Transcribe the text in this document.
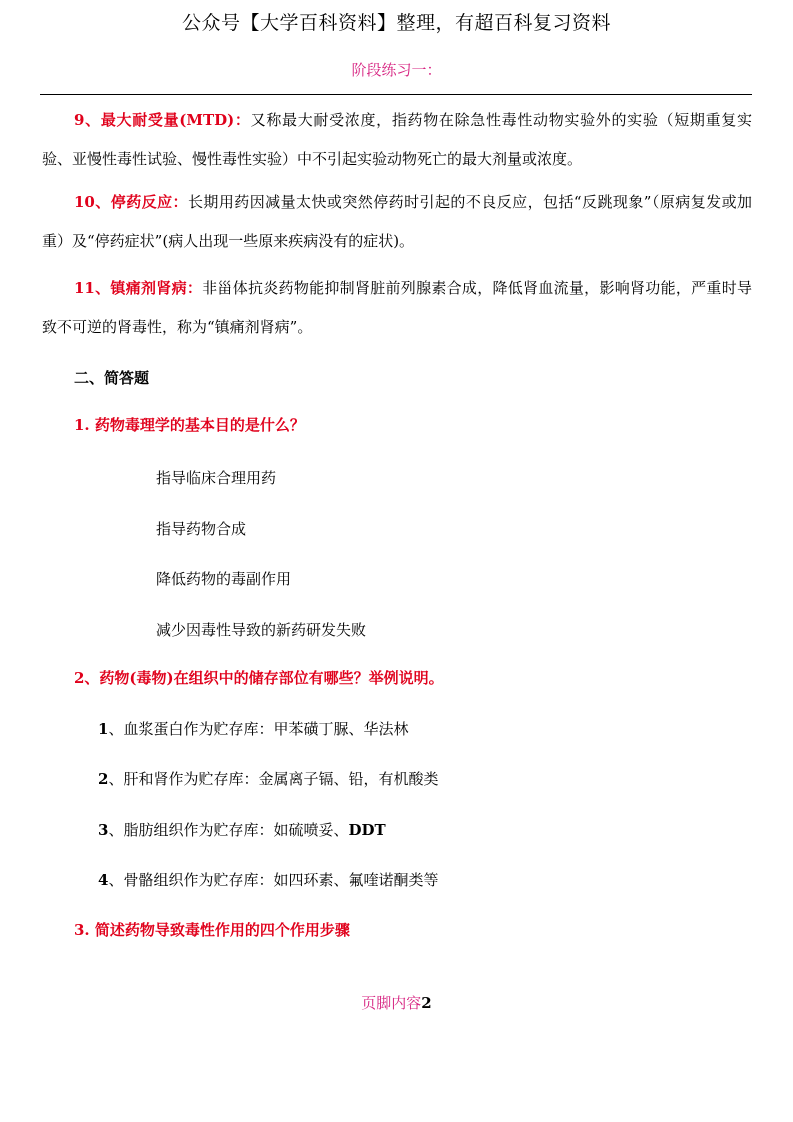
公众号【大学百科资料】整理，有超百科复习资料
阶段练习一：
9、最大耐受量(MTD)：又称最大耐受浓度，指药物在除急性毒性动物实验外的实验（短期重复实验、亚慢性毒性试验、慢性毒性实验）中不引起实验动物死亡的最大剂量或浓度。
10、停药反应：长期用药因减量太快或突然停药时引起的不良反应，包括“反跳现象”（原病复发或加重）及“停药症状”(病人出现一些原来疾病没有的症状)。
11、镇痛剂肾病：非甾体抗炎药物能抑制肾脏前列腺素合成，降低肾血流量，影响肾功能，严重时导致不可逆的肾毒性，称为“镇痛剂肾病”。
二、简答题
1. 药物毒理学的基本目的是什么？
指导临床合理用药
指导药物合成
降低药物的毒副作用
减少因毒性导致的新药研发失败
2、药物(毒物)在组织中的储存部位有哪些？举例说明。
1、血浆蛋白作为贮存库：甲苯磺丁脲、华法林
2、肝和肾作为贮存库：金属离子镉、铅，有机酸类
3、脂肪组织作为贮存库：如硫喷妥、DDT
4、骨骼组织作为贮存库：如四环素、氟喹诺酮类等
3. 简述药物导致毒性作用的四个作用步骤
页脚内容2
